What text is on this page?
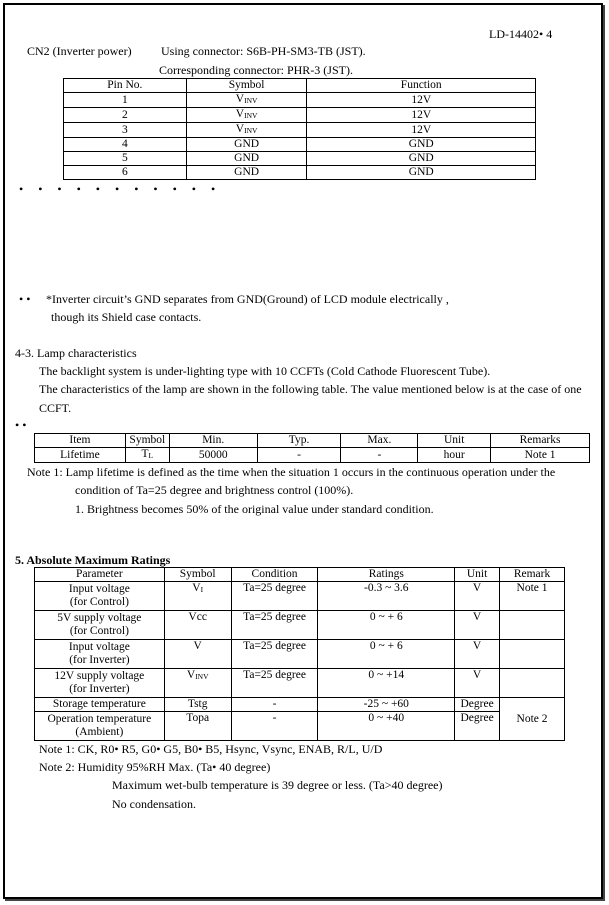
LD-14402• 4
CN2 (Inverter power) Using connector: S6B-PH-SM3-TB (JST).
Corresponding connector: PHR-3 (JST).
Pin No.	Symbol	Function
1	VINV	12V
2	VINV	12V
3	VINV	12V
4	GND	GND
5	GND	GND
6	GND	GND
• • • • • • • • • • •
• • *Inverter circuit’s GND separates from GND(Ground) of LCD module electrically ,
though its Shield case contacts.
4-3. Lamp characteristics
The backlight system is under-lighting type with 10 CCFTs (Cold Cathode Fluorescent Tube).
The characteristics of the lamp are shown in the following table. The value mentioned below is at the case of one
CCFT.
• •
Item	Symbol	Min.	Typ.	Max.	Unit	Remarks
Lifetime	TL	50000	-	-	hour	Note 1
Note 1: Lamp lifetime is defined as the time when the situation 1 occurs in the continuous operation under the
condition of Ta=25 degree and brightness control (100%).
1. Brightness becomes 50% of the original value under standard condition.
5. Absolute Maximum Ratings
Parameter	Symbol	Condition	Ratings	Unit	Remark
Input voltage
(for Control)	VI	Ta=25 degree	-0.3 ~ 3.6	V	Note 1
5V supply voltage
(for Control)	Vcc	Ta=25 degree	0 ~ + 6	V	
Input voltage
(for Inverter)	V	Ta=25 degree	0 ~ + 6	V	
12V supply voltage
(for Inverter)	VINV	Ta=25 degree	0 ~ +14	V	
Storage temperature	Tstg	-	-25 ~ +60	Degree	Note 2
Operation temperature
(Ambient)	Topa	-	0 ~ +40	Degree	
Note 1: CK, R0• R5, G0• G5, B0• B5, Hsync, Vsync, ENAB, R/L, U/D
Note 2: Humidity 95%RH Max. (Ta• 40 degree)
Maximum wet-bulb temperature is 39 degree or less. (Ta>40 degree)
No condensation.
